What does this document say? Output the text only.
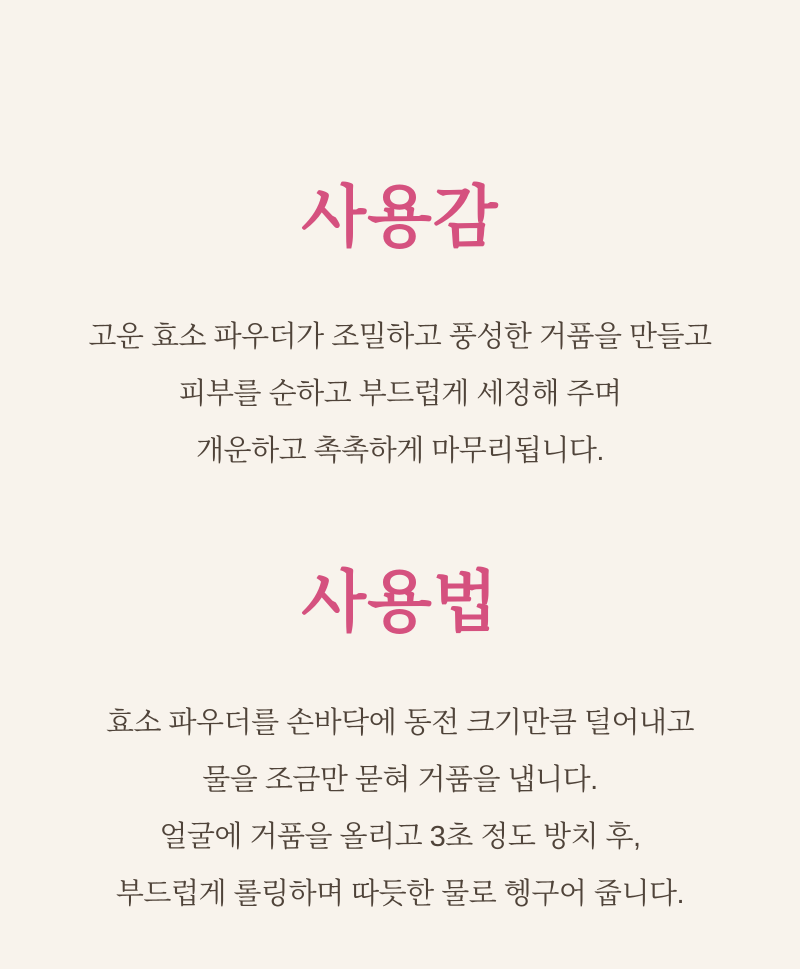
사용감

고운 효소 파우더가 조밀하고 풍성한 거품을 만들고

피부를 순하고 부드럽게 세정해 주며

개운하고 촉촉하게 마무리됩니다.

사용법

효소 파우더를 손바닥에 동전 크기만큼 덜어내고

물을 조금만 묻혀 거품을 냅니다.

얼굴에 거품을 올리고 3초 정도 방치 후,

부드럽게 롤링하며 따듯한 물로 헹구어 줍니다.
